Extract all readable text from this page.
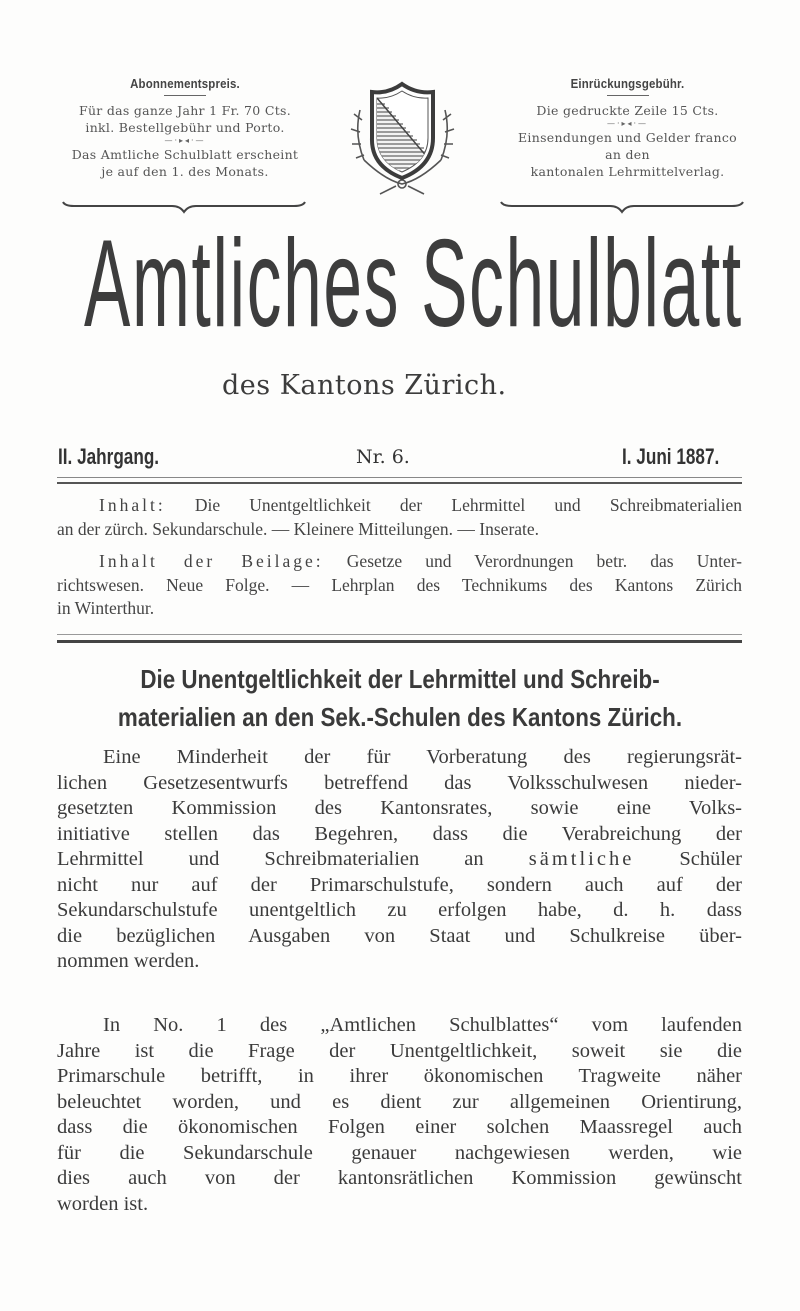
Abonnementspreis.
Für das ganze Jahr 1 Fr. 70 Cts.
inkl. Bestellgebühr und Porto.
—·▸◂·—
Das Amtliche Schulblatt erscheint
je auf den 1. des Monats.
Einrückungsgebühr.
Die gedruckte Zeile 15 Cts.
—·▸◂·—
Einsendungen und Gelder franco
an den
kantonalen Lehrmittelverlag.
Amtliches Schulblatt
des Kantons Zürich.
II. Jahrgang.	Nr. 6.	I. Juni 1887.
Inhalt: Die Unentgeltlichkeit der Lehrmittel und Schreibmaterialien
an der zürch. Sekundarschule. — Kleinere Mitteilungen. — Inserate.
Inhalt der Beilage: Gesetze und Verordnungen betr. das Unter-
richtswesen. Neue Folge. — Lehrplan des Technikums des Kantons Zürich
in Winterthur.
Die Unentgeltlichkeit der Lehrmittel und Schreib-
materialien an den Sek.-Schulen des Kantons Zürich.
Eine Minderheit der für Vorberatung des regierungsrät-
lichen Gesetzesentwurfs betreffend das Volksschulwesen nieder-
gesetzten Kommission des Kantonsrates, sowie eine Volks-
initiative stellen das Begehren, dass die Verabreichung der
Lehrmittel und Schreibmaterialien an sämtliche Schüler
nicht nur auf der Primarschulstufe, sondern auch auf der
Sekundarschulstufe unentgeltlich zu erfolgen habe, d. h. dass
die bezüglichen Ausgaben von Staat und Schulkreise über-
nommen werden.
In No. 1 des „Amtlichen Schulblattes“ vom laufenden
Jahre ist die Frage der Unentgeltlichkeit, soweit sie die
Primarschule betrifft, in ihrer ökonomischen Tragweite näher
beleuchtet worden, und es dient zur allgemeinen Orientirung,
dass die ökonomischen Folgen einer solchen Maassregel auch
für die Sekundarschule genauer nachgewiesen werden, wie
dies auch von der kantonsrätlichen Kommission gewünscht
worden ist.
